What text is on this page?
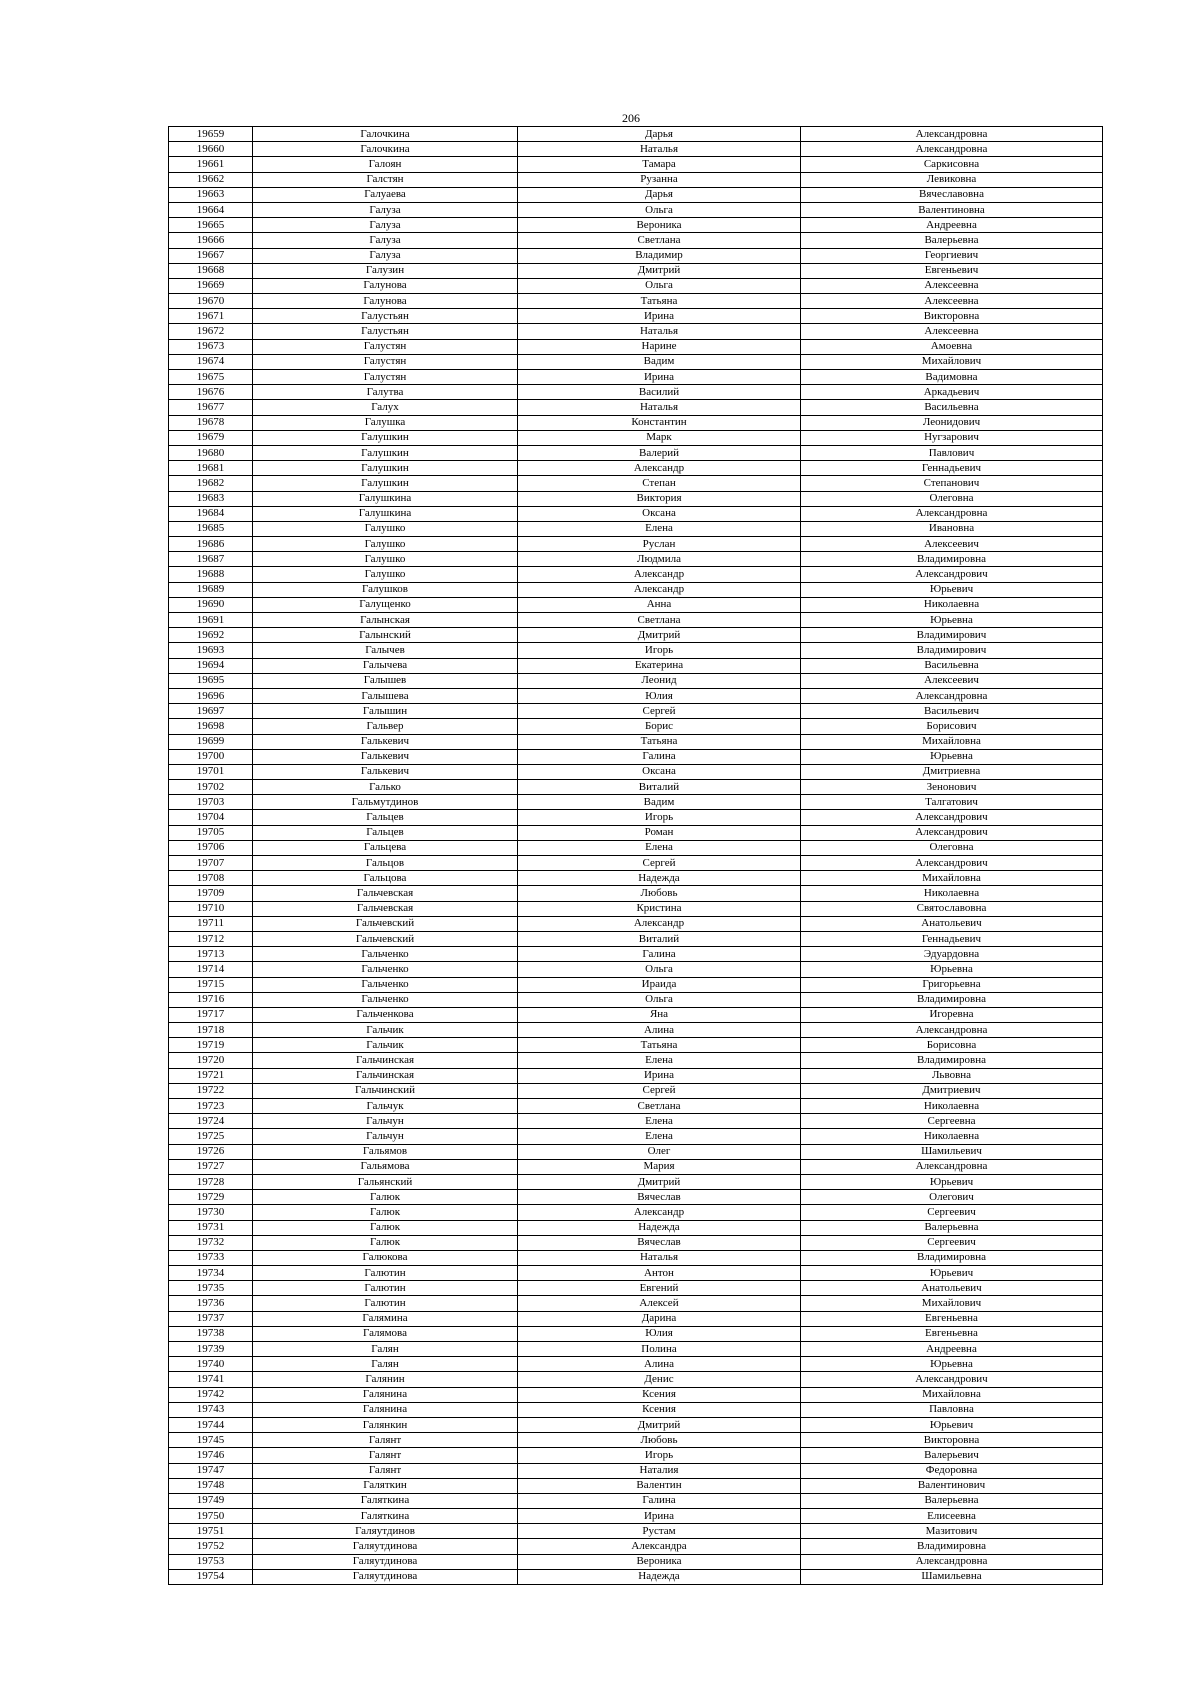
206
19659	Галочкина	Дарья	Александровна
19660	Галочкина	Наталья	Александровна
19661	Галоян	Тамара	Саркисовна
19662	Галстян	Рузанна	Левиковна
19663	Галуаева	Дарья	Вячеславовна
19664	Галуза	Ольга	Валентиновна
19665	Галуза	Вероника	Андреевна
19666	Галуза	Светлана	Валерьевна
19667	Галуза	Владимир	Георгиевич
19668	Галузин	Дмитрий	Евгеньевич
19669	Галунова	Ольга	Алексеевна
19670	Галунова	Татьяна	Алексеевна
19671	Галустьян	Ирина	Викторовна
19672	Галустьян	Наталья	Алексеевна
19673	Галустян	Нарине	Амоевна
19674	Галустян	Вадим	Михайлович
19675	Галустян	Ирина	Вадимовна
19676	Галутва	Василий	Аркадьевич
19677	Галух	Наталья	Васильевна
19678	Галушка	Константин	Леонидович
19679	Галушкин	Марк	Нугзарович
19680	Галушкин	Валерий	Павлович
19681	Галушкин	Александр	Геннадьевич
19682	Галушкин	Степан	Степанович
19683	Галушкина	Виктория	Олеговна
19684	Галушкина	Оксана	Александровна
19685	Галушко	Елена	Ивановна
19686	Галушко	Руслан	Алексеевич
19687	Галушко	Людмила	Владимировна
19688	Галушко	Александр	Александрович
19689	Галушков	Александр	Юрьевич
19690	Галущенко	Анна	Николаевна
19691	Галынская	Светлана	Юрьевна
19692	Галынский	Дмитрий	Владимирович
19693	Галычев	Игорь	Владимирович
19694	Галычева	Екатерина	Васильевна
19695	Галышев	Леонид	Алексеевич
19696	Галышева	Юлия	Александровна
19697	Галышин	Сергей	Васильевич
19698	Гальвер	Борис	Борисович
19699	Галькевич	Татьяна	Михайловна
19700	Галькевич	Галина	Юрьевна
19701	Галькевич	Оксана	Дмитриевна
19702	Галько	Виталий	Зенонович
19703	Гальмутдинов	Вадим	Талгатович
19704	Гальцев	Игорь	Александрович
19705	Гальцев	Роман	Александрович
19706	Гальцева	Елена	Олеговна
19707	Гальцов	Сергей	Александрович
19708	Гальцова	Надежда	Михайловна
19709	Гальчевская	Любовь	Николаевна
19710	Гальчевская	Кристина	Святославовна
19711	Гальчевский	Александр	Анатольевич
19712	Гальчевский	Виталий	Геннадьевич
19713	Гальченко	Галина	Эдуардовна
19714	Гальченко	Ольга	Юрьевна
19715	Гальченко	Ираида	Григорьевна
19716	Гальченко	Ольга	Владимировна
19717	Гальченкова	Яна	Игоревна
19718	Гальчик	Алина	Александровна
19719	Гальчик	Татьяна	Борисовна
19720	Гальчинская	Елена	Владимировна
19721	Гальчинская	Ирина	Львовна
19722	Гальчинский	Сергей	Дмитриевич
19723	Гальчук	Светлана	Николаевна
19724	Гальчун	Елена	Сергеевна
19725	Гальчун	Елена	Николаевна
19726	Гальямов	Олег	Шамильевич
19727	Гальямова	Мария	Александровна
19728	Гальянский	Дмитрий	Юрьевич
19729	Галюк	Вячеслав	Олегович
19730	Галюк	Александр	Сергеевич
19731	Галюк	Надежда	Валерьевна
19732	Галюк	Вячеслав	Сергеевич
19733	Галюкова	Наталья	Владимировна
19734	Галютин	Антон	Юрьевич
19735	Галютин	Евгений	Анатольевич
19736	Галютин	Алексей	Михайлович
19737	Галямина	Дарина	Евгеньевна
19738	Галямова	Юлия	Евгеньевна
19739	Галян	Полина	Андреевна
19740	Галян	Алина	Юрьевна
19741	Галянин	Денис	Александрович
19742	Галянина	Ксения	Михайловна
19743	Галянина	Ксения	Павловна
19744	Галянкин	Дмитрий	Юрьевич
19745	Галянт	Любовь	Викторовна
19746	Галянт	Игорь	Валерьевич
19747	Галянт	Наталия	Федоровна
19748	Галяткин	Валентин	Валентинович
19749	Галяткина	Галина	Валерьевна
19750	Галяткина	Ирина	Елисеевна
19751	Галяутдинов	Рустам	Мазитович
19752	Галяутдинова	Александра	Владимировна
19753	Галяутдинова	Вероника	Александровна
19754	Галяутдинова	Надежда	Шамильевна
